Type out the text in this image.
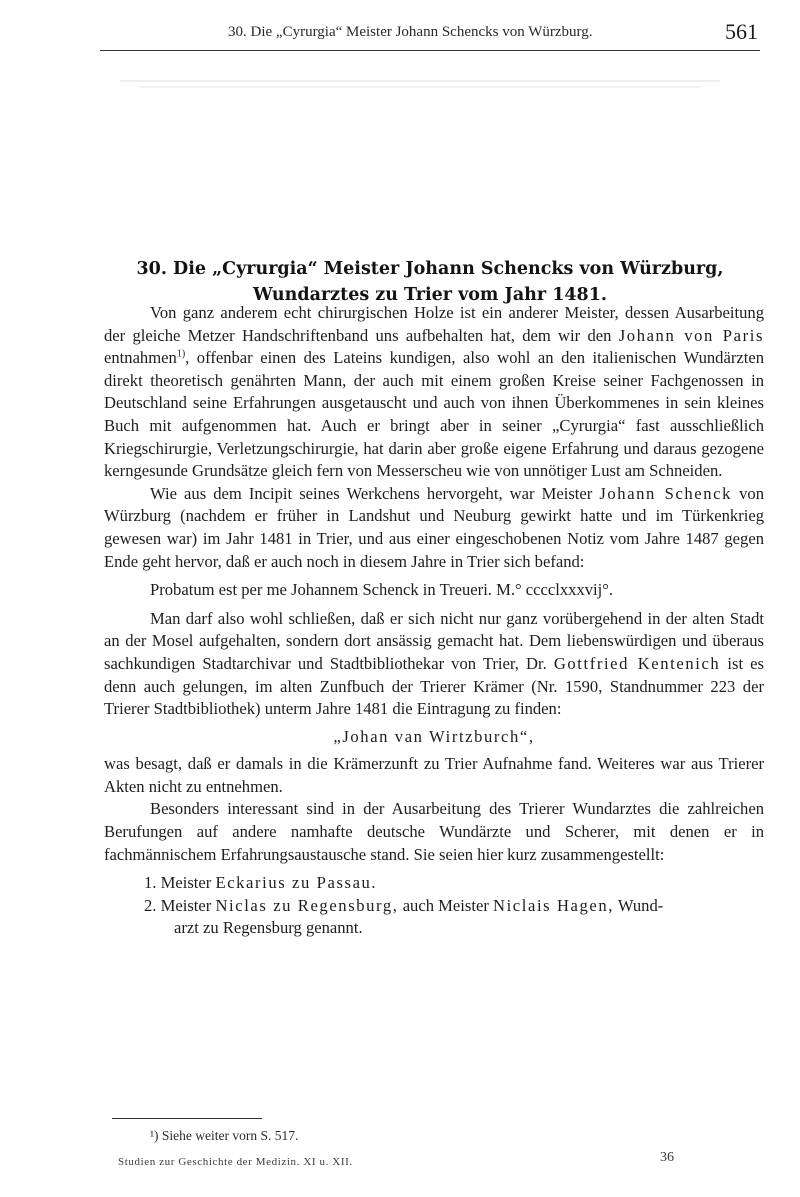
30. Die „Cyrurgia“ Meister Johann Schencks von Würzburg.	561
30. Die „Cyrurgia“ Meister Johann Schencks von Würzburg,
Wundarztes zu Trier vom Jahr 1481.

Von ganz anderem echt chirurgischen Holze ist ein anderer Meister, dessen Ausarbeitung der gleiche Metzer Handschriftenband uns aufbehalten hat, dem wir den Johann von Paris entnahmen$^{1)}$, offenbar einen des Lateins kundigen, also wohl an den italienischen Wundärzten direkt theoretisch genährten Mann, der auch mit einem großen Kreise seiner Fachgenossen in Deutschland seine Erfahrungen ausgetauscht und auch von ihnen Überkommenes in sein kleines Buch mit aufgenommen hat. Auch er bringt aber in seiner „Cyrurgia“ fast ausschließlich Kriegschirurgie, Verletzungschirurgie, hat darin aber große eigene Erfahrung und daraus gezogene kerngesunde Grundsätze gleich fern von Messerscheu wie von unnötiger Lust am Schneiden.

Wie aus dem Incipit seines Werkchens hervorgeht, war Meister Johann Schenck von Würzburg (nachdem er früher in Landshut und Neuburg gewirkt hatte und im Türkenkrieg gewesen war) im Jahr 1481 in Trier, und aus einer eingeschobenen Notiz vom Jahre 1487 gegen Ende geht hervor, daß er auch noch in diesem Jahre in Trier sich befand:

Probatum est per me Johannem Schenck in Treueri. M.° cccclxxxvij°.

Man darf also wohl schließen, daß er sich nicht nur ganz vorübergehend in der alten Stadt an der Mosel aufgehalten, sondern dort ansässig gemacht hat. Dem liebenswürdigen und überaus sachkundigen Stadtarchivar und Stadtbibliothekar von Trier, Dr. Gottfried Kentenich ist es denn auch gelungen, im alten Zunfbuch der Trierer Krämer (Nr. 1590, Standnummer 223 der Trierer Stadtbibliothek) unterm Jahre 1481 die Eintragung zu finden:

„Johan van Wirtzburch“,

was besagt, daß er damals in die Krämerzunft zu Trier Aufnahme fand. Weiteres war aus Trierer Akten nicht zu entnehmen.

Besonders interessant sind in der Ausarbeitung des Trierer Wundarztes die zahlreichen Berufungen auf andere namhafte deutsche Wundärzte und Scherer, mit denen er in fachmännischem Erfahrungsaustausche stand. Sie seien hier kurz zusammengestellt:

1. Meister Eckarius zu Passau.

2. Meister Niclas zu Regensburg, auch Meister Niclais Hagen, Wund-

arzt zu Regensburg genannt.

¹) Siehe weiter vorn S. 517.
Studien zur Geschichte der Medizin. XI u. XII.	36
